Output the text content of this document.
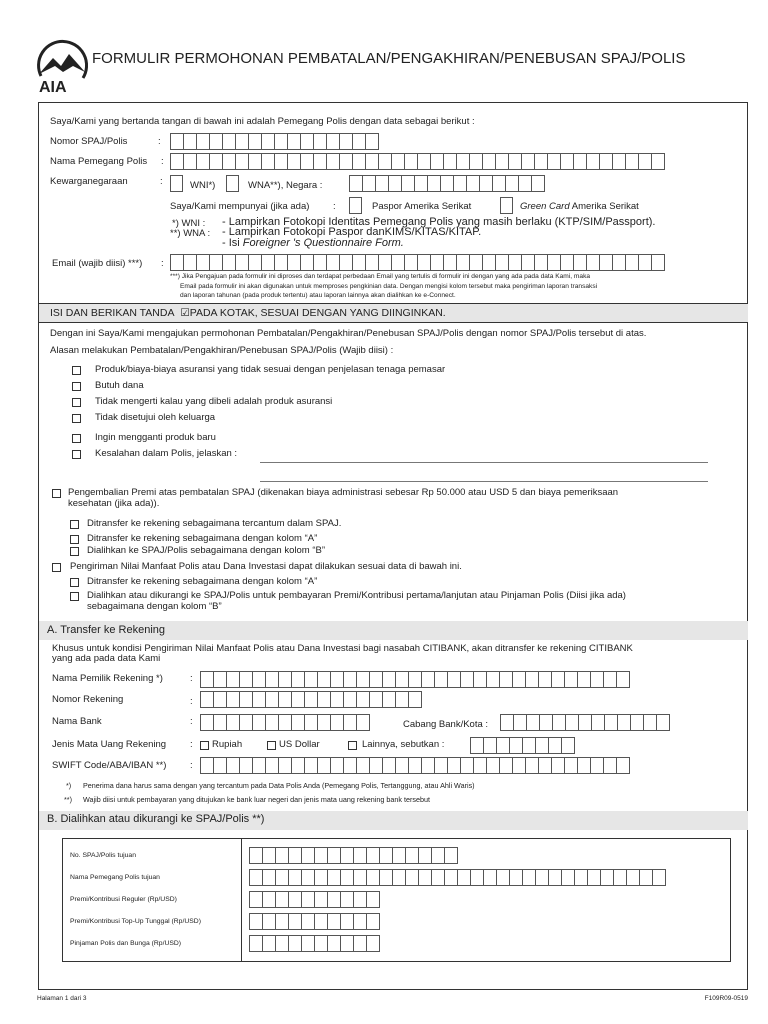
AIA
FORMULIR PERMOHONAN PEMBATALAN/PENGAKHIRAN/PENEBUSAN SPAJ/POLIS
Saya/Kami yang bertanda tangan di bawah ini adalah Pemegang Polis dengan data sebagai berikut :
Nomor SPAJ/Polis	:
Nama Pemegang Polis :
Kewarganegaraan	:	WNI*)	WNA**), Negara :
Saya/Kami mempunyai (jika ada) :	Paspor Amerika Serikat	Green Card Amerika Serikat
*) WNI : - Lampirkan Fotokopi Identitas Pemegang Polis yang masih berlaku (KTP/SIM/Passport).
**) WNA : - Lampirkan Fotokopi Paspor danKIMS/KITAS/KITAP.
- Isi Foreigner 's Questionnaire Form.
Email (wajib diisi) ***) :
***) Jika Pengajuan pada formulir ini diproses dan terdapat perbedaan Email yang tertulis di formulir ini dengan yang ada pada data Kami, maka
Email pada formulir ini akan digunakan untuk memproses pengkinian data. Dengan mengisi kolom tersebut maka pengiriman laporan transaksi
dan laporan tahunan (pada produk tertentu) atau laporan lainnya akan dialihkan ke e-Connect.
ISI DAN BERIKAN TANDA ☑PADA KOTAK, SESUAI DENGAN YANG DIINGINKAN.
Dengan ini Saya/Kami mengajukan permohonan Pembatalan/Pengakhiran/Penebusan SPAJ/Polis dengan nomor SPAJ/Polis tersebut di atas.
Alasan melakukan Pembatalan/Pengakhiran/Penebusan SPAJ/Polis (Wajib diisi) :
Pengembalian Premi atas pembatalan SPAJ (dikenakan biaya administrasi sebesar Rp 50.000 atau USD 5 dan biaya pemeriksaan
kesehatan (jika ada)).
Pengiriman Nilai Manfaat Polis atau Dana Investasi dapat dilakukan sesuai data di bawah ini.
Ditransfer ke rekening sebagaimana dengan kolom “A”
Dialihkan atau dikurangi ke SPAJ/Polis untuk pembayaran Premi/Kontribusi pertama/lanjutan atau Pinjaman Polis (Diisi jika ada)
sebagaimana dengan kolom “B”
A. Transfer ke Rekening
Khusus untuk kondisi Pengiriman Nilai Manfaat Polis atau Dana Investasi bagi nasabah CITIBANK, akan ditransfer ke rekening CITIBANK
yang ada pada data Kami
Nama Pemilik Rekening *)	:
Nomor Rekening	:
Nama Bank	:	Cabang Bank/Kota :
Jenis Mata Uang Rekening	: Rupiah	US Dollar	Lainnya, sebutkan :
SWIFT Code/ABA/IBAN **) :
*) Penerima dana harus sama dengan yang tercantum pada Data Polis Anda (Pemegang Polis, Tertanggung, atau Ahli Waris)
**) Wajib diisi untuk pembayaran yang ditujukan ke bank luar negeri dan jenis mata uang rekening bank tersebut
B. Dialihkan atau dikurangi ke SPAJ/Polis **)
Halaman 1 dari 3	F109R09-0519
Produk/biaya-biaya asuransi yang tidak sesuai dengan penjelasan tenaga pemasar
Butuh dana
Tidak mengerti kalau yang dibeli adalah produk asuransi
Tidak disetujui oleh keluarga
Ingin mengganti produk baru
Kesalahan dalam Polis, jelaskan :
Ditransfer ke rekening sebagaimana tercantum dalam SPAJ.
Ditransfer ke rekening sebagaimana dengan kolom “A”
Dialihkan ke SPAJ/Polis sebagaimana dengan kolom “B”
No. SPAJ/Polis tujuan
Nama Pemegang Polis tujuan
Premi/Kontribusi Reguler (Rp/USD)
Premi/Kontribusi Top-Up Tunggal (Rp/USD)
Pinjaman Polis dan Bunga (Rp/USD)
